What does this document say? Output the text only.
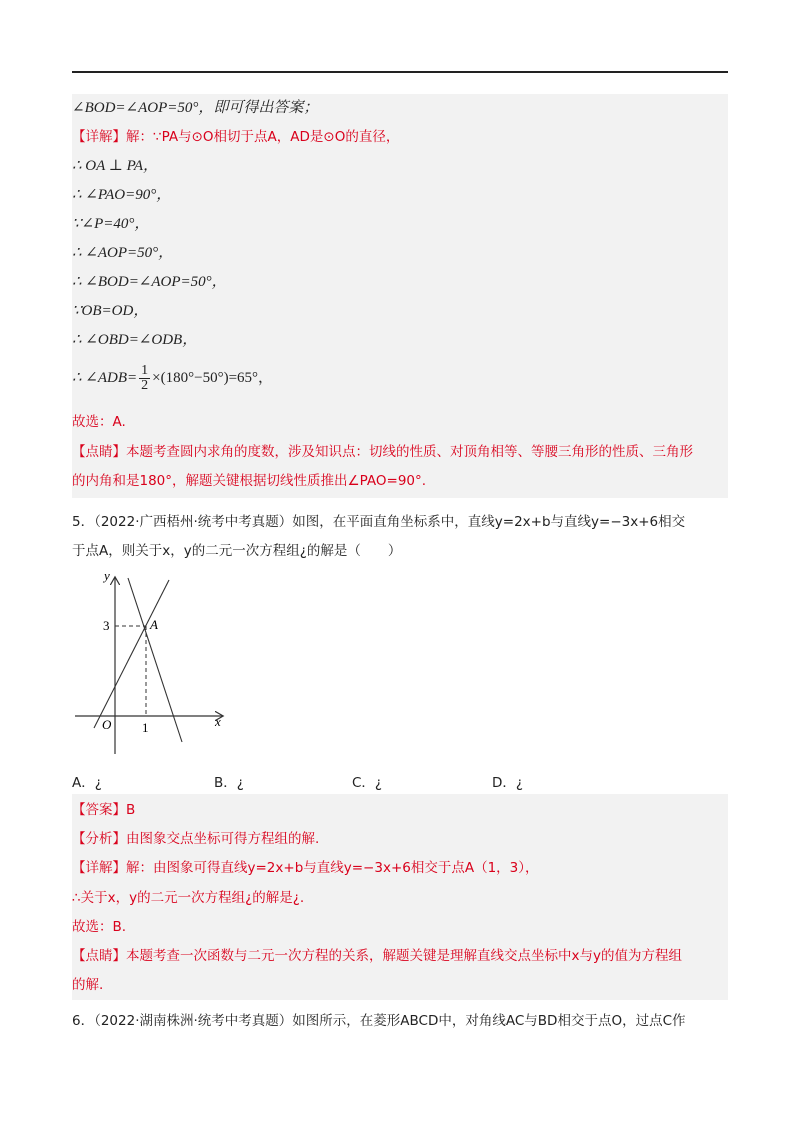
∠BOD=∠AOP=50°，即可得出答案；
【详解】解：∵PA与⊙O相切于点A，AD是⊙O的直径，
∴ OA ⊥ PA，
∴ ∠PAO=90°，
∵∠P=40°，
∴ ∠AOP=50°，
∴ ∠BOD=∠AOP=50°，
∵OB=OD，
∴ ∠OBD=∠ODB，
∴ ∠ADB= $\frac{1}{2} \times(180^\circ-50^\circ)=65^\circ$，
故选：A.
【点睛】本题考查圆内求角的度数，涉及知识点：切线的性质、对顶角相等、等腰三角形的性质、三角形
的内角和是180°，解题关键根据切线性质推出∠PAO=90°.
5．（2022·广西梧州·统考中考真题）如图，在平面直角坐标系中，直线y=2x+b与直线y=−3x+6相交
于点A，则关于x，y的二元一次方程组¿的解是（　　）
y
x
O
A
3
1
A．¿	B．¿	C．¿	D．¿
【答案】B
【分析】由图象交点坐标可得方程组的解.
【详解】解：由图象可得直线y=2x+b与直线y=−3x+6相交于点A（1，3），
∴关于x，y的二元一次方程组¿的解是¿.
故选：B.
【点睛】本题考查一次函数与二元一次方程的关系，解题关键是理解直线交点坐标中x与y的值为方程组
的解.
6．（2022·湖南株洲·统考中考真题）如图所示，在菱形ABCD中，对角线AC与BD相交于点O，过点C作
